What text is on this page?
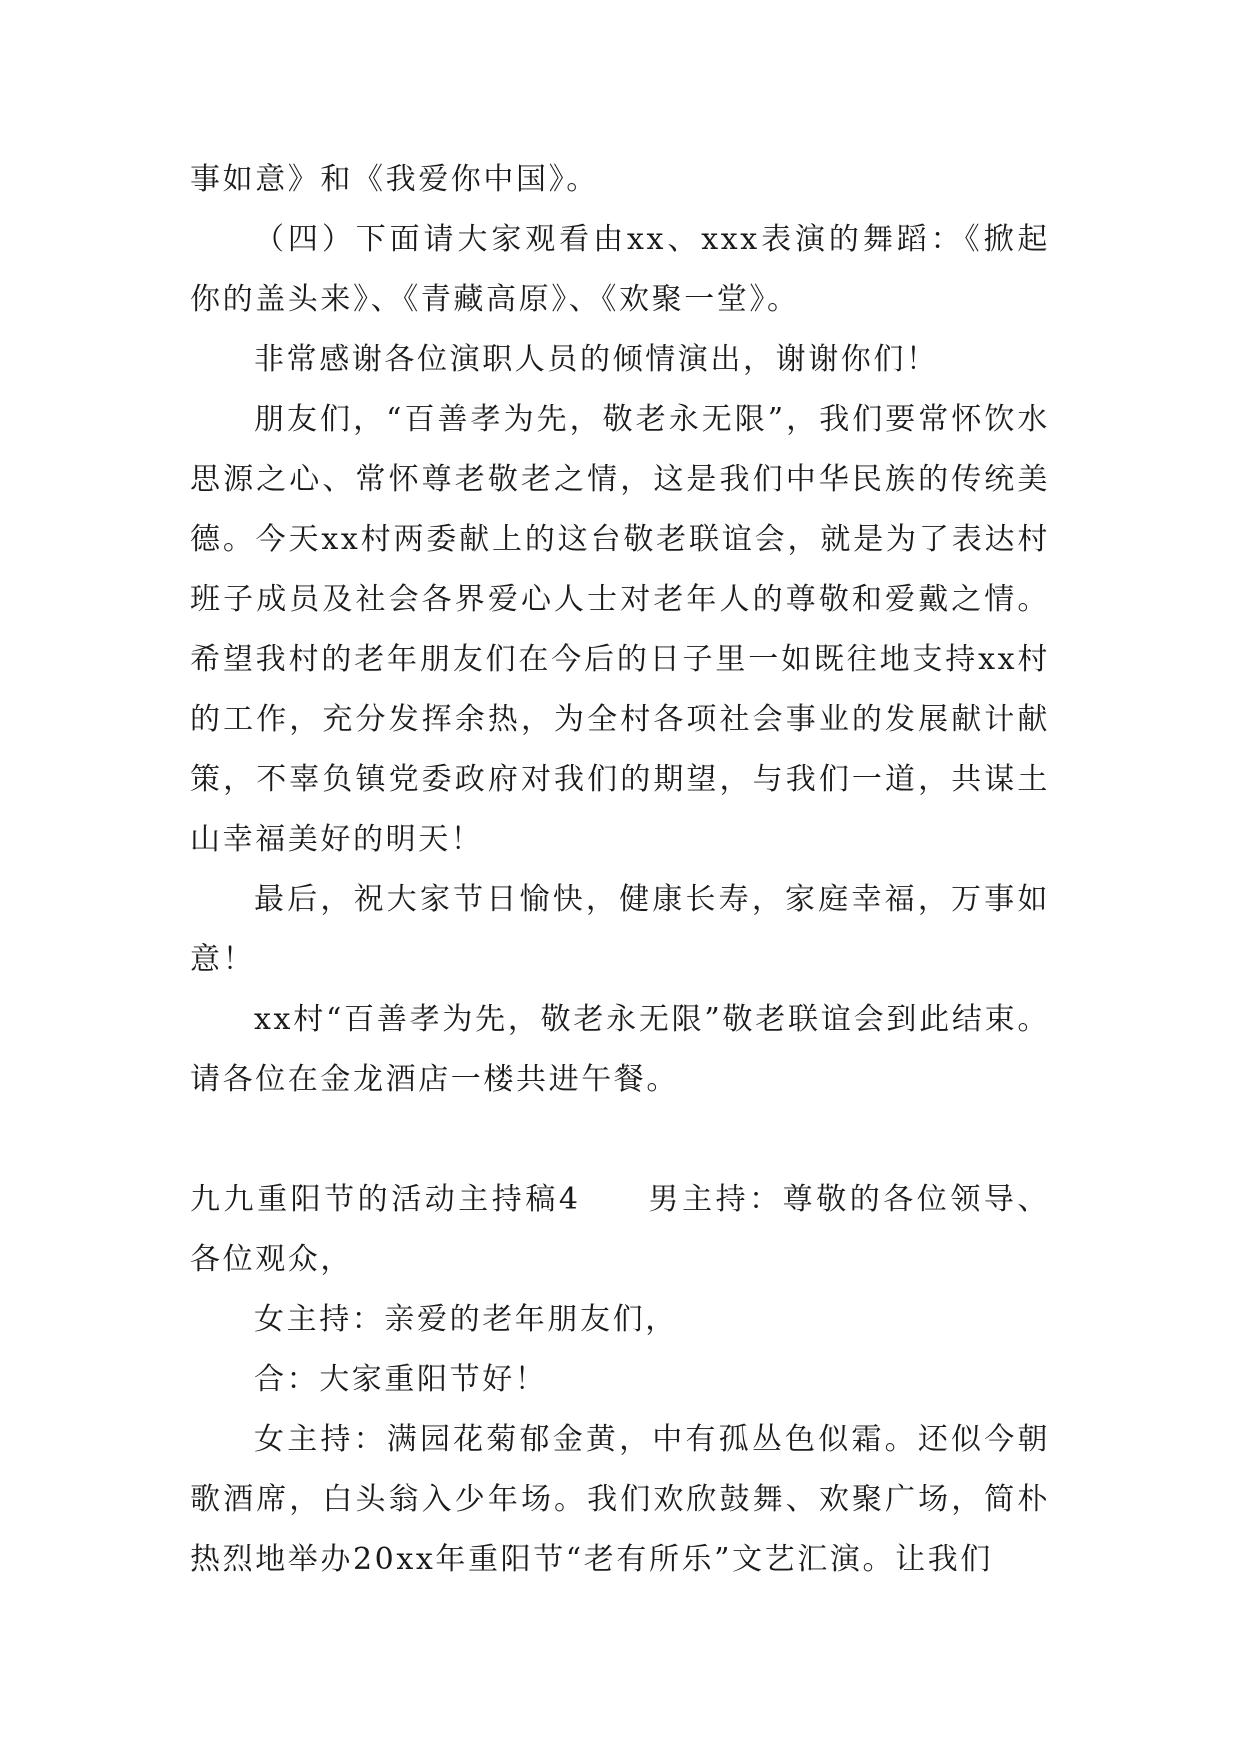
事如意》和《我爱你中国》。

（四）下面请大家观看由xx、xxx表演的舞蹈：《掀起你的盖头来》、《青藏高原》、《欢聚一堂》。

非常感谢各位演职人员的倾情演出，谢谢你们！

朋友们，“百善孝为先，敬老永无限”，我们要常怀饮水思源之心、常怀尊老敬老之情，这是我们中华民族的传统美德。今天xx村两委献上的这台敬老联谊会，就是为了表达村班子成员及社会各界爱心人士对老年人的尊敬和爱戴之情。希望我村的老年朋友们在今后的日子里一如既往地支持xx村的工作，充分发挥余热，为全村各项社会事业的发展献计献策，不辜负镇党委政府对我们的期望，与我们一道，共谋土山幸福美好的明天！

最后，祝大家节日愉快，健康长寿，家庭幸福，万事如意！

xx村“百善孝为先，敬老永无限”敬老联谊会到此结束。请各位在金龙酒店一楼共进午餐。

九九重阳节的活动主持稿4　　男主持：尊敬的各位领导、各位观众，

女主持：亲爱的老年朋友们，

合：大家重阳节好！

女主持：满园花菊郁金黄，中有孤丛色似霜。还似今朝歌酒席，白头翁入少年场。我们欢欣鼓舞、欢聚广场，简朴热烈地举办20xx年重阳节“老有所乐”文艺汇演。让我们
